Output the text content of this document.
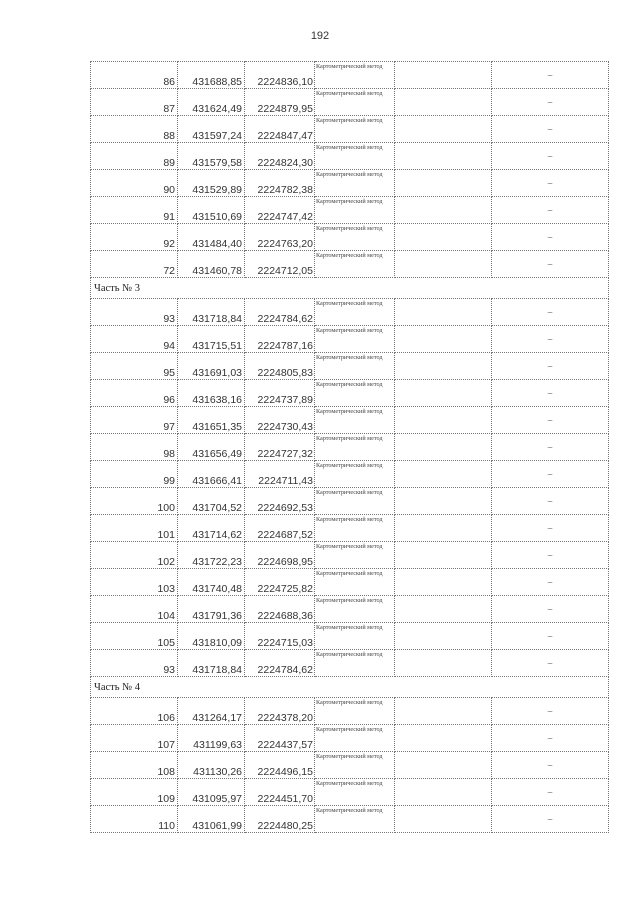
192
86	431688,85	2224836,10	Картометрический метод		–
87	431624,49	2224879,95	Картометрический метод		–
88	431597,24	2224847,47	Картометрический метод		–
89	431579,58	2224824,30	Картометрический метод		–
90	431529,89	2224782,38	Картометрический метод		–
91	431510,69	2224747,42	Картометрический метод		–
92	431484,40	2224763,20	Картометрический метод		–
72	431460,78	2224712,05	Картометрический метод		–
Часть № 3					
93	431718,84	2224784,62	Картометрический метод		–
94	431715,51	2224787,16	Картометрический метод		–
95	431691,03	2224805,83	Картометрический метод		–
96	431638,16	2224737,89	Картометрический метод		–
97	431651,35	2224730,43	Картометрический метод		–
98	431656,49	2224727,32	Картометрический метод		–
99	431666,41	2224711,43	Картометрический метод		–
100	431704,52	2224692,53	Картометрический метод		–
101	431714,62	2224687,52	Картометрический метод		–
102	431722,23	2224698,95	Картометрический метод		–
103	431740,48	2224725,82	Картометрический метод		–
104	431791,36	2224688,36	Картометрический метод		–
105	431810,09	2224715,03	Картометрический метод		–
93	431718,84	2224784,62	Картометрический метод		–
Часть № 4					
106	431264,17	2224378,20	Картометрический метод		–
107	431199,63	2224437,57	Картометрический метод		–
108	431130,26	2224496,15	Картометрический метод		–
109	431095,97	2224451,70	Картометрический метод		–
110	431061,99	2224480,25	Картометрический метод		–
